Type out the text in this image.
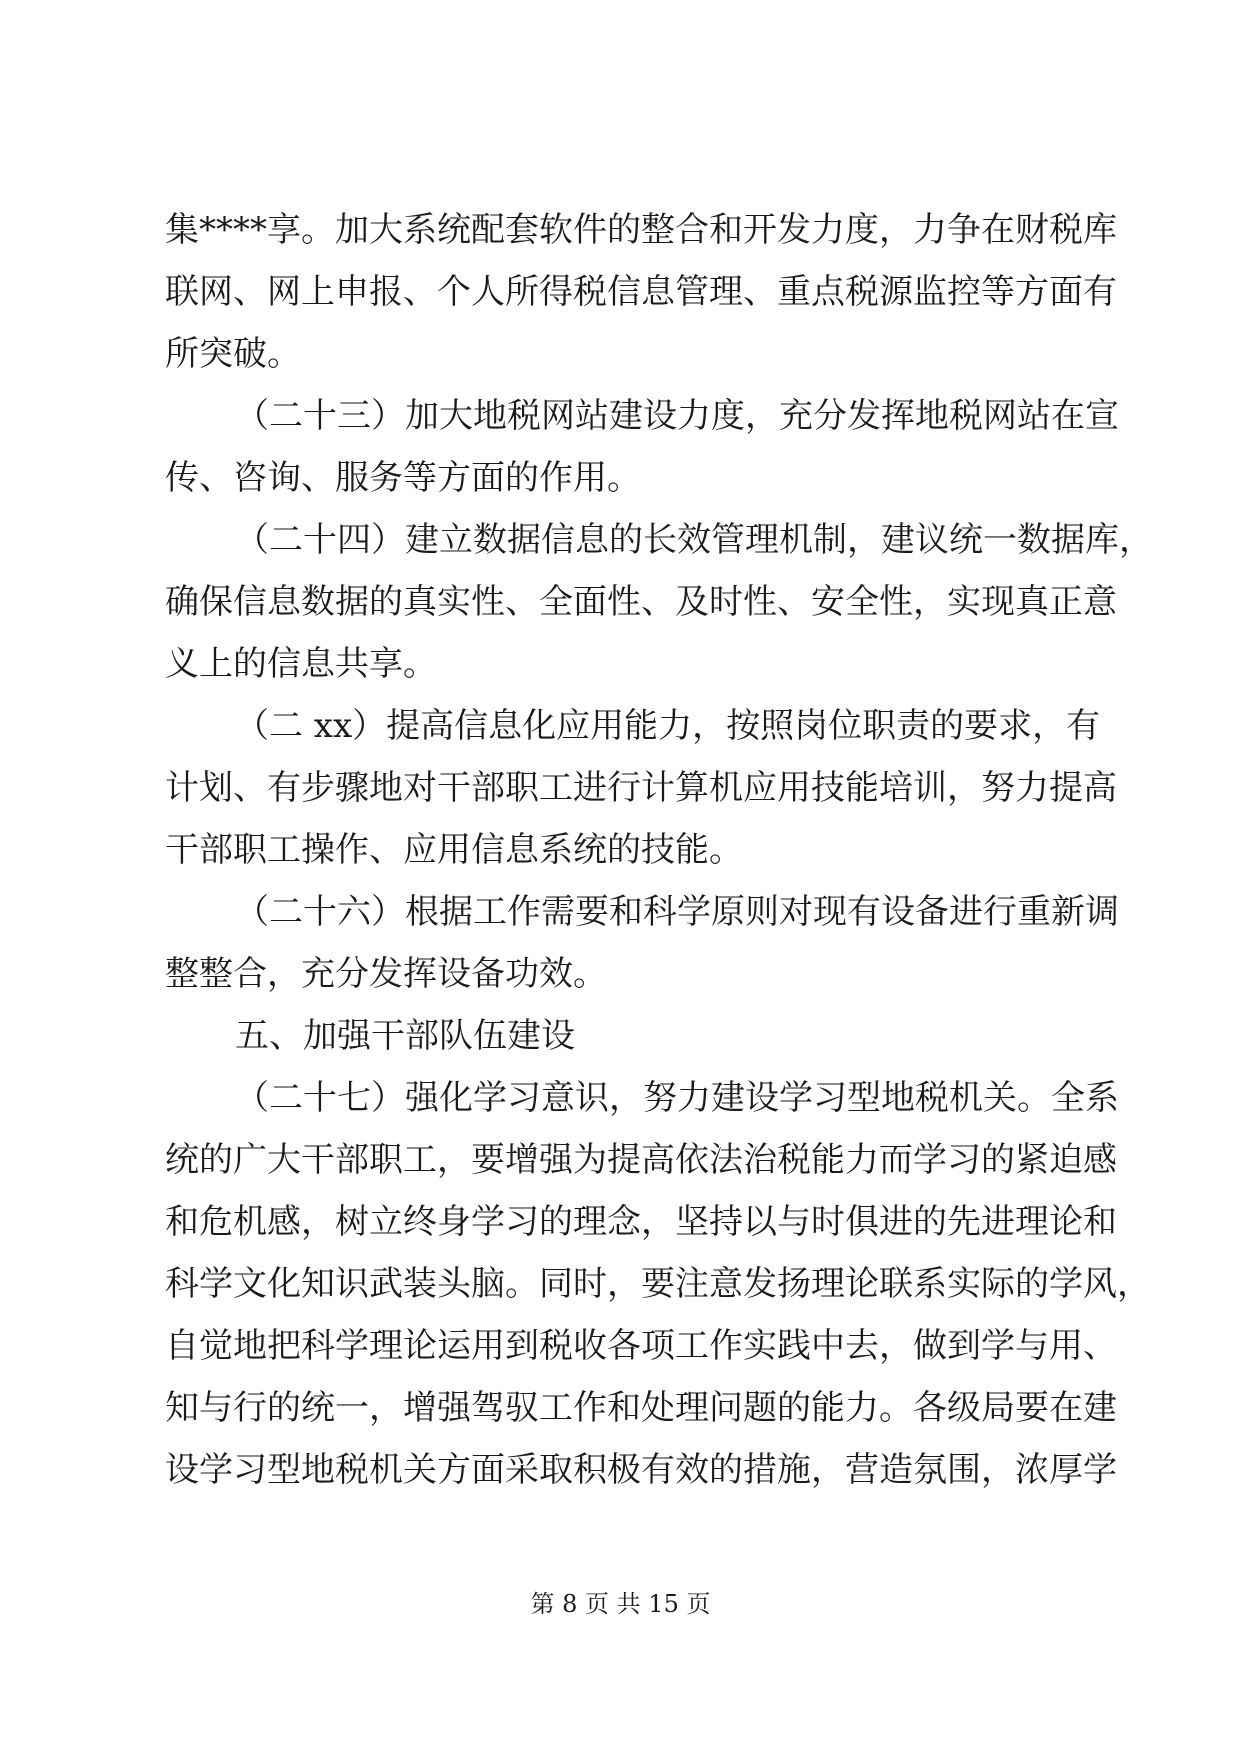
集****享。加大系统配套软件的整合和开发力度，力争在财税库
联网、网上申报、个人所得税信息管理、重点税源监控等方面有
所突破。
（二十三）加大地税网站建设力度，充分发挥地税网站在宣
传、咨询、服务等方面的作用。
（二十四）建立数据信息的长效管理机制，建议统一数据库，
确保信息数据的真实性、全面性、及时性、安全性，实现真正意
义上的信息共享。
（二 xx）提高信息化应用能力，按照岗位职责的要求，有
计划、有步骤地对干部职工进行计算机应用技能培训，努力提高
干部职工操作、应用信息系统的技能。
（二十六）根据工作需要和科学原则对现有设备进行重新调
整整合，充分发挥设备功效。
五、加强干部队伍建设
（二十七）强化学习意识，努力建设学习型地税机关。全系
统的广大干部职工，要增强为提高依法治税能力而学习的紧迫感
和危机感，树立终身学习的理念，坚持以与时俱进的先进理论和
科学文化知识武装头脑。同时，要注意发扬理论联系实际的学风，
自觉地把科学理论运用到税收各项工作实践中去，做到学与用、
知与行的统一，增强驾驭工作和处理问题的能力。各级局要在建
设学习型地税机关方面采取积极有效的措施，营造氛围，浓厚学
第 8 页 共 15 页
